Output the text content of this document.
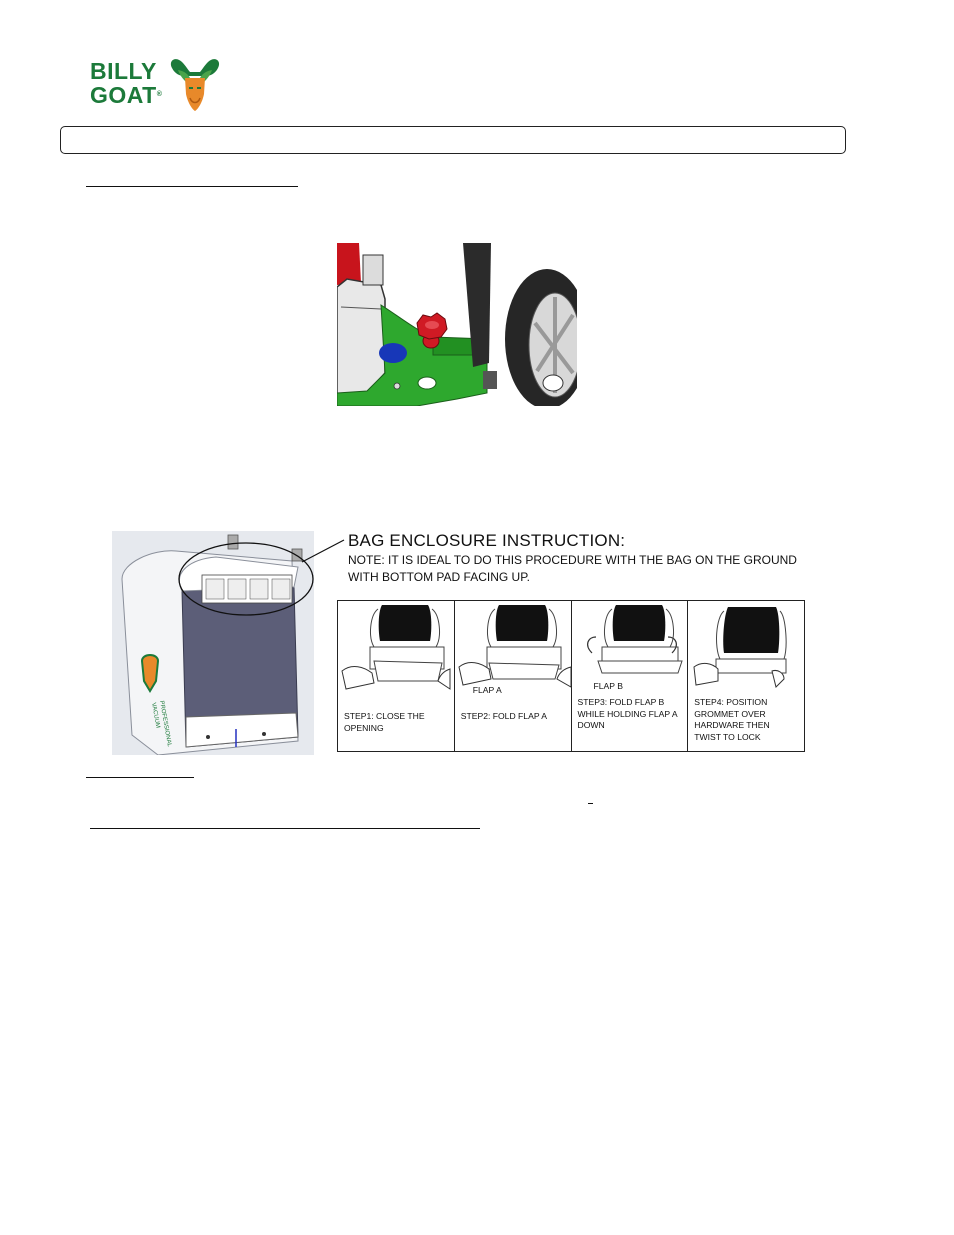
BILLY
GOAT®
PROFESSIONAL
VACUUM
BAG ENCLOSURE INSTRUCTION:
NOTE: IT IS IDEAL TO DO THIS PROCEDURE WITH THE BAG ON THE GROUND
WITH BOTTOM PAD FACING UP.
STEP1: CLOSE THE OPENING
FLAP A
STEP2: FOLD FLAP A
FLAP B
STEP3: FOLD FLAP B WHILE HOLDING FLAP A DOWN
STEP4: POSITION GROMMET OVER HARDWARE THEN TWIST TO LOCK
